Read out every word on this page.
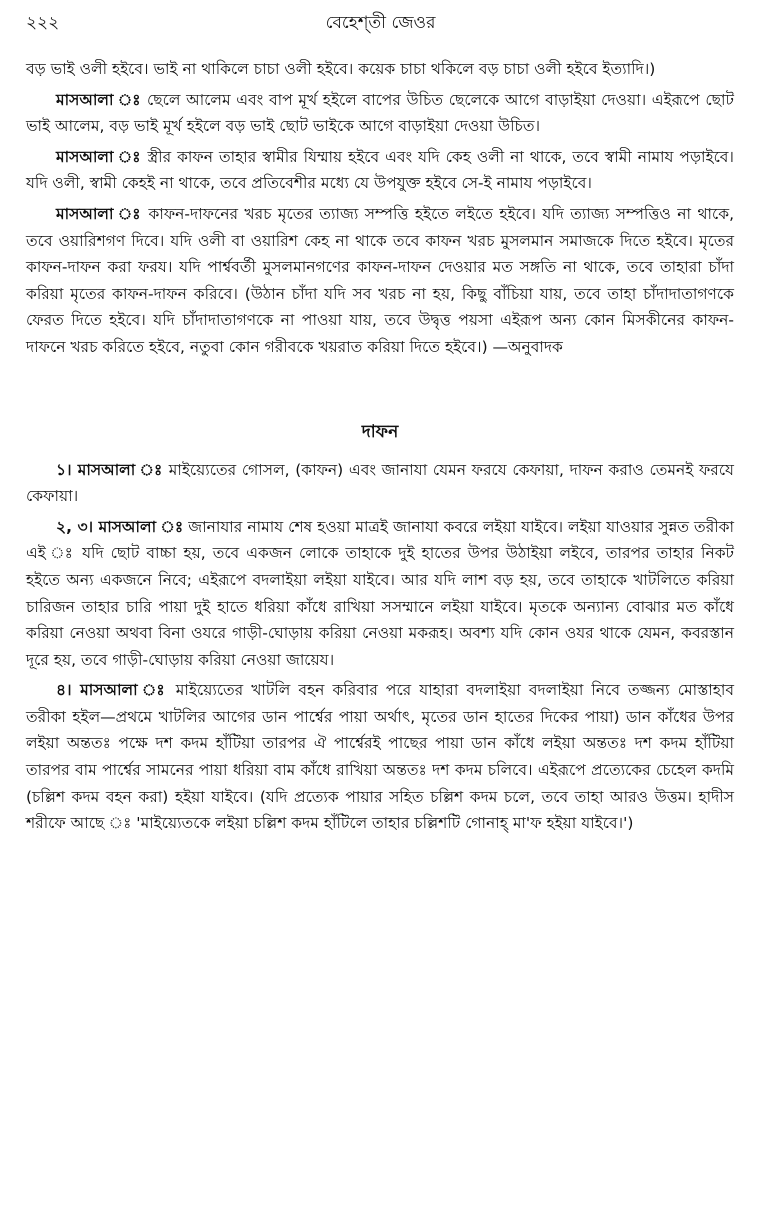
২২২	বেহেশ্‌তী জেওর

বড় ভাই ওলী হইবে। ভাই না থাকিলে চাচা ওলী হইবে। কয়েক চাচা থকিলে বড় চাচা ওলী হইবে ইত্যাদি।)

মাসআলা ঃ ছেলে আলেম এবং বাপ মূর্খ হইলে বাপের উচিত ছেলেকে আগে বাড়াইয়া দেওয়া। এইরূপে ছোট ভাই আলেম, বড় ভাই মূর্খ হইলে বড় ভাই ছোট ভাইকে আগে বাড়াইয়া দেওয়া উচিত।

মাসআলা ঃ স্ত্রীর কাফন তাহার স্বামীর যিম্মায় হইবে এবং যদি কেহ ওলী না থাকে, তবে স্বামী নামায পড়াইবে। যদি ওলী, স্বামী কেহই না থাকে, তবে প্রতিবেশীর মধ্যে যে উপযুক্ত হইবে সে-ই নামায পড়াইবে।

মাসআলা ঃ কাফন-দাফনের খরচ মৃতের ত্যাজ্য সম্পত্তি হইতে লইতে হইবে। যদি ত্যাজ্য সম্পত্তিও না থাকে, তবে ওয়ারিশগণ দিবে। যদি ওলী বা ওয়ারিশ কেহ না থাকে তবে কাফন খরচ মুসলমান সমাজকে দিতে হইবে। মৃতের কাফন-দাফন করা ফরয। যদি পার্শ্ববর্তী মুসলমানগণের কাফন-দাফন দেওয়ার মত সঙ্গতি না থাকে, তবে তাহারা চাঁদা করিয়া মৃতের কাফন-দাফন করিবে। (উঠান চাঁদা যদি সব খরচ না হয়, কিছু বাঁচিয়া যায়, তবে তাহা চাঁদাদাতাগণকে ফেরত দিতে হইবে। যদি চাঁদাদাতাগণকে না পাওয়া যায়, তবে উদ্বৃত্ত পয়সা এইরূপ অন্য কোন মিসকীনের কাফন-দাফনে খরচ করিতে হইবে, নতুবা কোন গরীবকে খয়রাত করিয়া দিতে হইবে।) —অনুবাদক

দাফন

১। মাসআলা ঃ মাইয়্যেতের গোসল, (কাফন) এবং জানাযা যেমন ফরযে কেফায়া, দাফন করাও তেমনই ফরযে কেফায়া।

২, ৩। মাসআলা ঃ জানাযার নামায শেষ হওয়া মাত্রই জানাযা কবরে লইয়া যাইবে। লইয়া যাওয়ার সুন্নত তরীকা এই ঃ যদি ছোট বাচ্চা হয়, তবে একজন লোকে তাহাকে দুই হাতের উপর উঠাইয়া লইবে, তারপর তাহার নিকট হইতে অন্য একজনে নিবে; এইরূপে বদলাইয়া লইয়া যাইবে। আর যদি লাশ বড় হয়, তবে তাহাকে খাটলিতে করিয়া চারিজন তাহার চারি পায়া দুই হাতে ধরিয়া কাঁধে রাখিয়া সসম্মানে লইয়া যাইবে। মৃতকে অন্যান্য বোঝার মত কাঁধে করিয়া নেওয়া অথবা বিনা ওযরে গাড়ী-ঘোড়ায় করিয়া নেওয়া মকরূহ। অবশ্য যদি কোন ওযর থাকে যেমন, কবরস্তান দূরে হয়, তবে গাড়ী-ঘোড়ায় করিয়া নেওয়া জায়েয।

৪। মাসআলা ঃ মাইয়্যেতের খাটলি বহন করিবার পরে যাহারা বদলাইয়া বদলাইয়া নিবে তজ্জন্য মোস্তাহাব তরীকা হইল—প্রথমে খাটলির আগের ডান পার্শ্বের পায়া অর্থাৎ, মৃতের ডান হাতের দিকের পায়া) ডান কাঁধের উপর লইয়া অন্ততঃ পক্ষে দশ কদম হাঁটিয়া তারপর ঐ পার্শ্বেরই পাছের পায়া ডান কাঁধে লইয়া অন্ততঃ দশ কদম হাঁটিয়া তারপর বাম পার্শ্বের সামনের পায়া ধরিয়া বাম কাঁধে রাখিয়া অন্ততঃ দশ কদম চলিবে। এইরূপে প্রত্যেকের চেহেল কদমি (চল্লিশ কদম বহন করা) হইয়া যাইবে। (যদি প্রত্যেক পায়ার সহিত চল্লিশ কদম চলে, তবে তাহা আরও উত্তম। হাদীস শরীফে আছে ঃ 'মাইয়্যেতকে লইয়া চল্লিশ কদম হাঁটিলে তাহার চল্লিশটি গোনাহ্ মা'ফ হইয়া যাইবে।')
